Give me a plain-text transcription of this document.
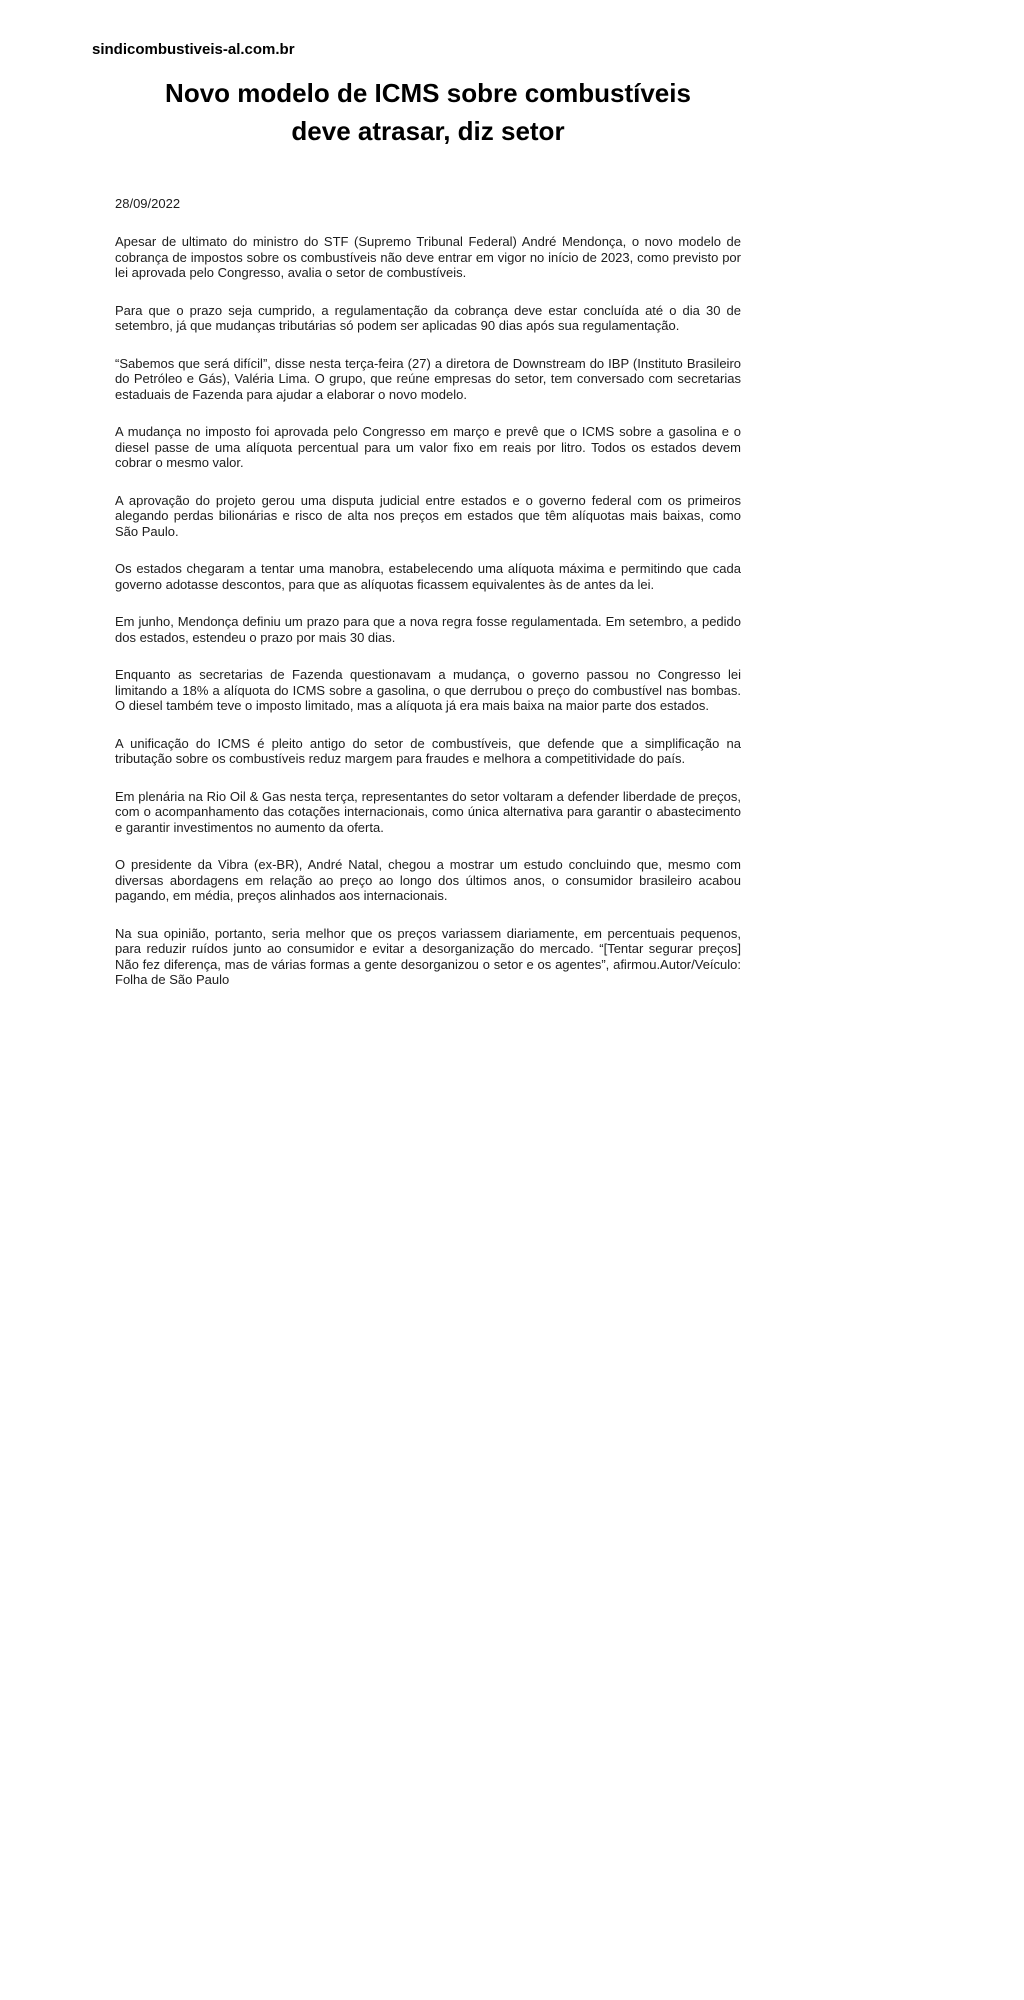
sindicombustiveis-al.com.br
Novo modelo de ICMS sobre combustíveis deve atrasar, diz setor
28/09/2022

Apesar de ultimato do ministro do STF (Supremo Tribunal Federal) André Mendonça, o novo modelo de cobrança de impostos sobre os combustíveis não deve entrar em vigor no início de 2023, como previsto por lei aprovada pelo Congresso, avalia o setor de combustíveis.

Para que o prazo seja cumprido, a regulamentação da cobrança deve estar concluída até o dia 30 de setembro, já que mudanças tributárias só podem ser aplicadas 90 dias após sua regulamentação.

“Sabemos que será difícil”, disse nesta terça-feira (27) a diretora de Downstream do IBP (Instituto Brasileiro do Petróleo e Gás), Valéria Lima. O grupo, que reúne empresas do setor, tem conversado com secretarias estaduais de Fazenda para ajudar a elaborar o novo modelo.

A mudança no imposto foi aprovada pelo Congresso em março e prevê que o ICMS sobre a gasolina e o diesel passe de uma alíquota percentual para um valor fixo em reais por litro. Todos os estados devem cobrar o mesmo valor.

A aprovação do projeto gerou uma disputa judicial entre estados e o governo federal com os primeiros alegando perdas bilionárias e risco de alta nos preços em estados que têm alíquotas mais baixas, como São Paulo.

Os estados chegaram a tentar uma manobra, estabelecendo uma alíquota máxima e permitindo que cada governo adotasse descontos, para que as alíquotas ficassem equivalentes às de antes da lei.

Em junho, Mendonça definiu um prazo para que a nova regra fosse regulamentada. Em setembro, a pedido dos estados, estendeu o prazo por mais 30 dias.

Enquanto as secretarias de Fazenda questionavam a mudança, o governo passou no Congresso lei limitando a 18% a alíquota do ICMS sobre a gasolina, o que derrubou o preço do combustível nas bombas. O diesel também teve o imposto limitado, mas a alíquota já era mais baixa na maior parte dos estados.

A unificação do ICMS é pleito antigo do setor de combustíveis, que defende que a simplificação na tributação sobre os combustíveis reduz margem para fraudes e melhora a competitividade do país.

Em plenária na Rio Oil & Gas nesta terça, representantes do setor voltaram a defender liberdade de preços, com o acompanhamento das cotações internacionais, como única alternativa para garantir o abastecimento e garantir investimentos no aumento da oferta.

O presidente da Vibra (ex-BR), André Natal, chegou a mostrar um estudo concluindo que, mesmo com diversas abordagens em relação ao preço ao longo dos últimos anos, o consumidor brasileiro acabou pagando, em média, preços alinhados aos internacionais.

Na sua opinião, portanto, seria melhor que os preços variassem diariamente, em percentuais pequenos, para reduzir ruídos junto ao consumidor e evitar a desorganização do mercado. “[Tentar segurar preços] Não fez diferença, mas de várias formas a gente desorganizou o setor e os agentes”, afirmou.Autor/Veículo: Folha de São Paulo
